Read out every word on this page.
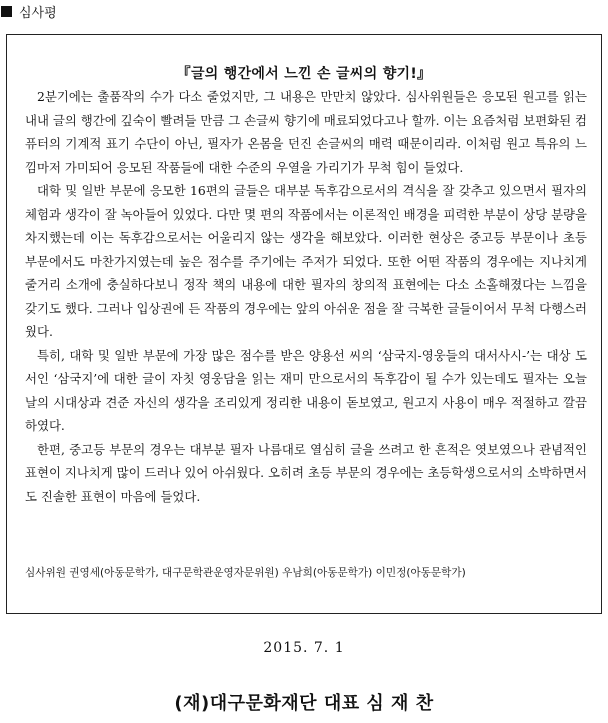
심사평
『글의 행간에서 느낀 손 글씨의 향기!』

2분기에는 출품작의 수가 다소 줄었지만, 그 내용은 만만치 않았다. 심사위원들은 응모된 원고를 읽는 내내 글의 행간에 깊숙이 빨려들 만큼 그 손글씨 향기에 매료되었다고나 할까. 이는 요즘처럼 보편화된 컴퓨터의 기계적 표기 수단이 아닌, 필자가 온몸을 던진 손글씨의 매력 때문이리라. 이처럼 원고 특유의 느낌마저 가미되어 응모된 작품들에 대한 수준의 우열을 가리기가 무척 힘이 들었다.

대학 및 일반 부문에 응모한 16편의 글들은 대부분 독후감으로서의 격식을 잘 갖추고 있으면서 필자의 체험과 생각이 잘 녹아들어 있었다. 다만 몇 편의 작품에서는 이론적인 배경을 피력한 부분이 상당 분량을 차지했는데 이는 독후감으로서는 어울리지 않는 생각을 해보았다. 이러한 현상은 중고등 부문이나 초등 부문에서도 마찬가지였는데 높은 점수를 주기에는 주저가 되었다. 또한 어떤 작품의 경우에는 지나치게 줄거리 소개에 충실하다보니 정작 책의 내용에 대한 필자의 창의적 표현에는 다소 소홀해졌다는 느낌을 갖기도 했다. 그러나 입상권에 든 작품의 경우에는 앞의 아쉬운 점을 잘 극복한 글들이어서 무척 다행스러웠다.

특히, 대학 및 일반 부문에 가장 많은 점수를 받은 양용선 씨의 ‘삼국지-영웅들의 대서사시-’는 대상 도서인 ‘삼국지’에 대한 글이 자칫 영웅담을 읽는 재미 만으로서의 독후감이 될 수가 있는데도 필자는 오늘날의 시대상과 견준 자신의 생각을 조리있게 정리한 내용이 돋보였고, 원고지 사용이 매우 적절하고 깔끔하였다.

한편, 중고등 부문의 경우는 대부분 필자 나름대로 열심히 글을 쓰려고 한 흔적은 엿보였으나 관념적인 표현이 지나치게 많이 드러나 있어 아쉬웠다. 오히려 초등 부문의 경우에는 초등학생으로서의 소박하면서도 진솔한 표현이 마음에 들었다.

심사위원 권영세(아동문학가, 대구문학관운영자문위원) 우남희(아동문학가) 이민정(아동문학가)
2015. 7. 1
(재)대구문화재단 대표 심 재 찬
